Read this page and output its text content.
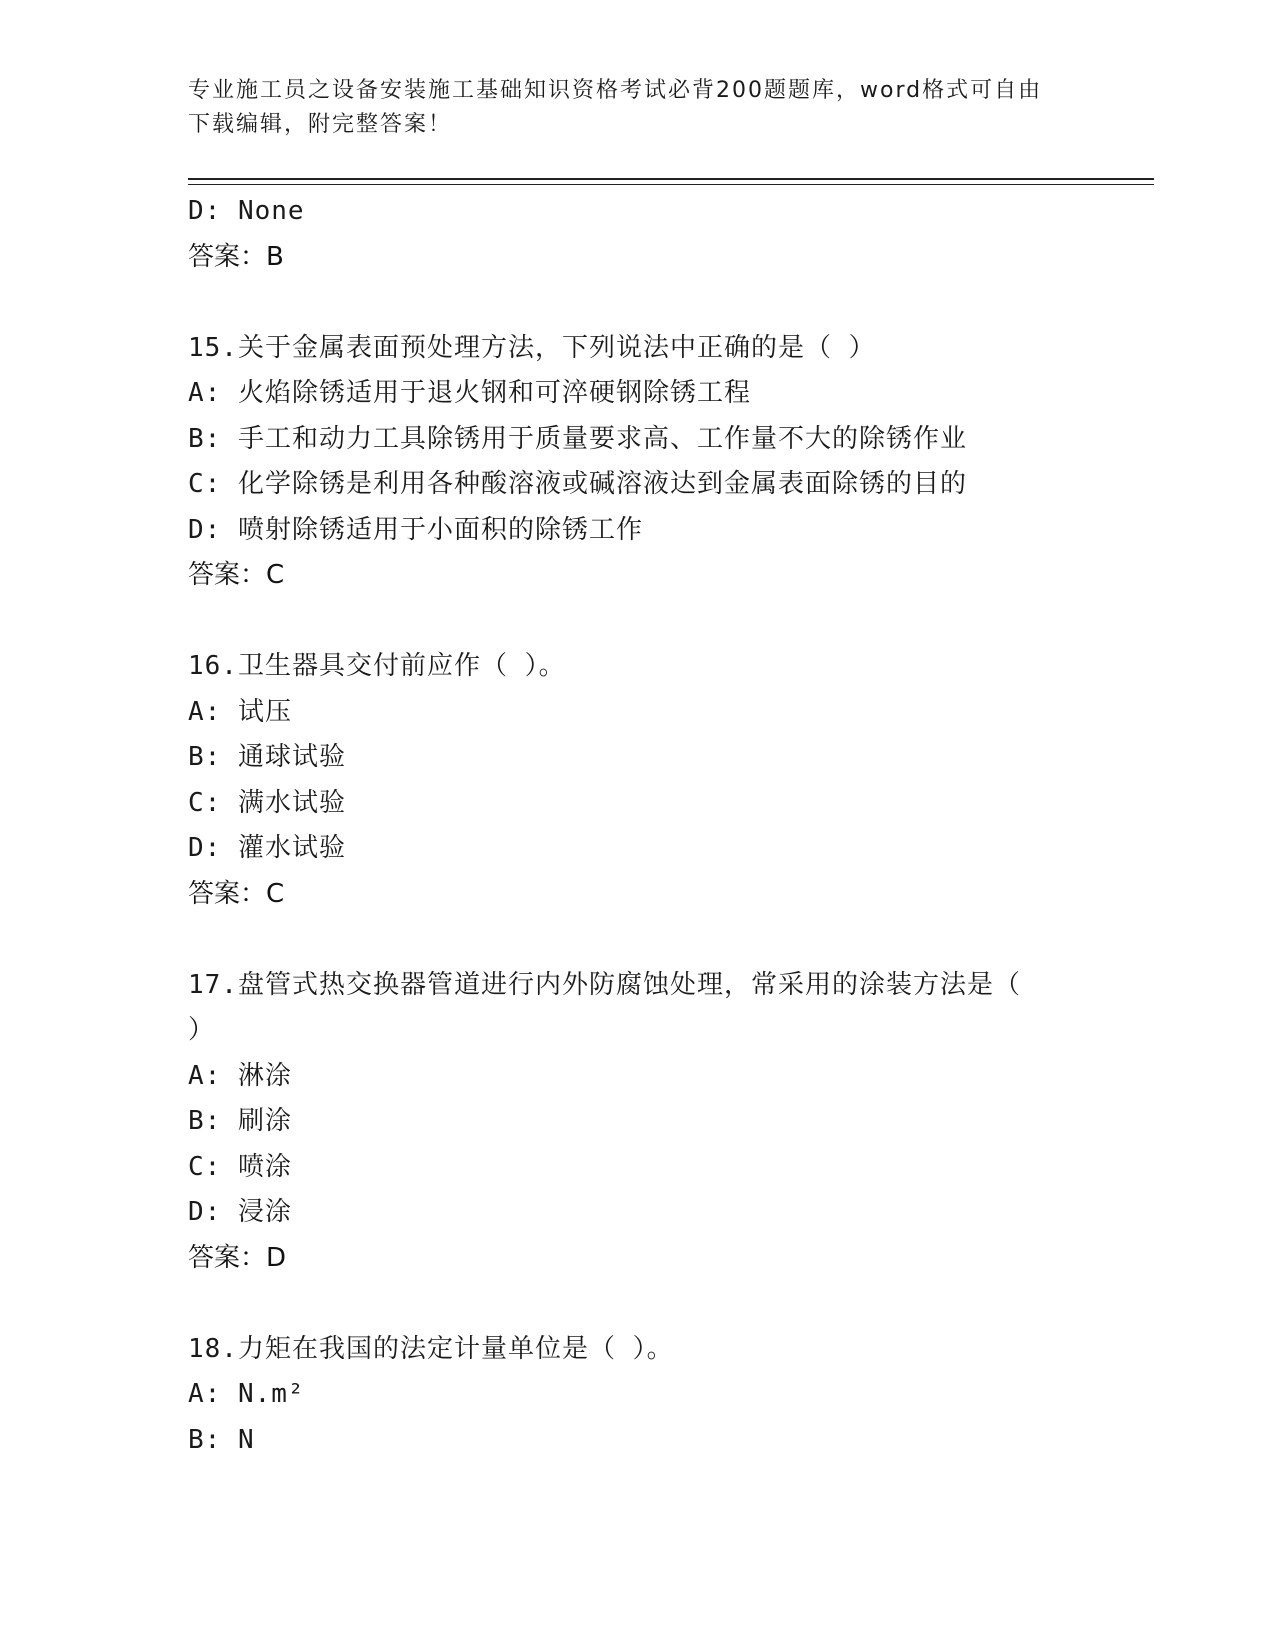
专业施工员之设备安装施工基础知识资格考试必背200题题库，word格式可自由
下载编辑，附完整答案！
D: None
答案：B
15.关于金属表面预处理方法，下列说法中正确的是（ ）
A: 火焰除锈适用于退火钢和可淬硬钢除锈工程
B: 手工和动力工具除锈用于质量要求高、工作量不大的除锈作业
C: 化学除锈是利用各种酸溶液或碱溶液达到金属表面除锈的目的
D: 喷射除锈适用于小面积的除锈工作
答案：C
16.卫生器具交付前应作（ ）。
A: 试压
B: 通球试验
C: 满水试验
D: 灌水试验
答案：C
17.盘管式热交换器管道进行内外防腐蚀处理，常采用的涂装方法是（
）
A: 淋涂
B: 刷涂
C: 喷涂
D: 浸涂
答案：D
18.力矩在我国的法定计量单位是（ ）。
A: N.m²
B: N
